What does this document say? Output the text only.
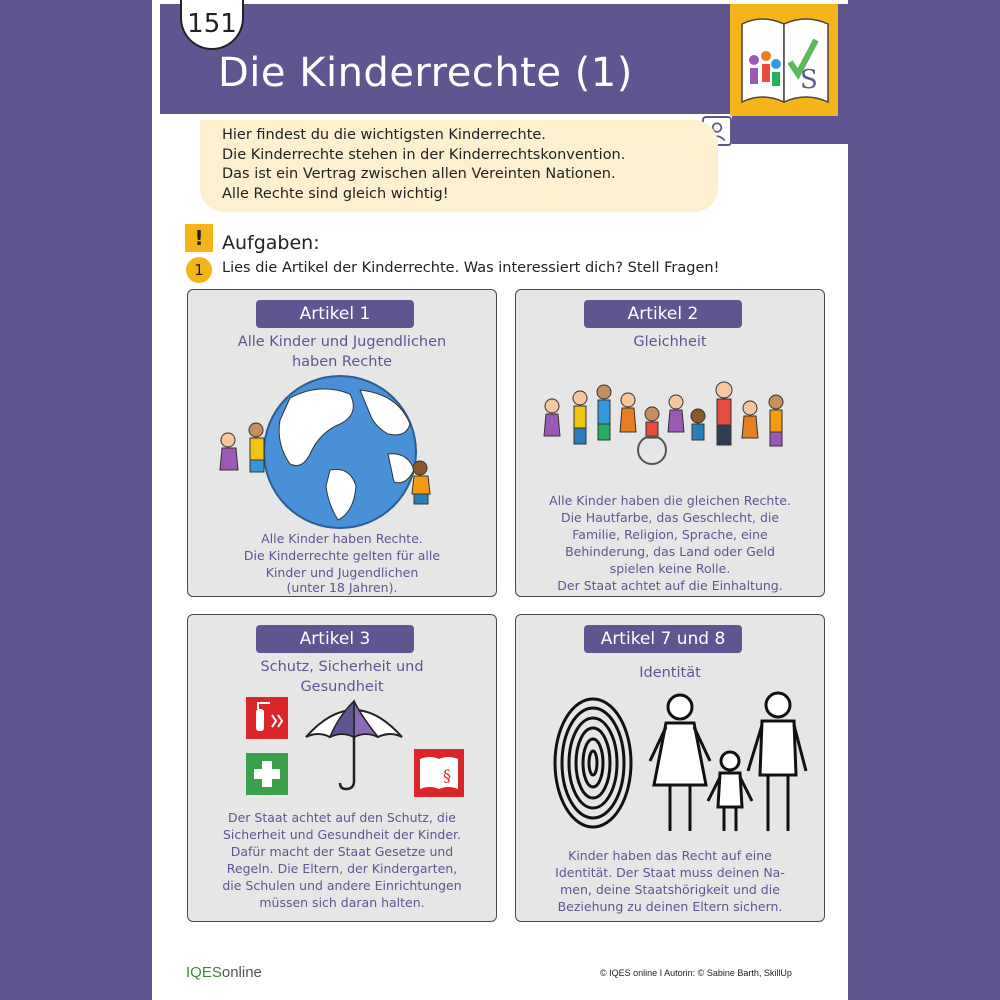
151
Die Kinderrechte (1)	S
Hier findest du die wichtigsten Kinderrechte.
Die Kinderrechte stehen in der Kinderrechtskonvention.
Das ist ein Vertrag zwischen allen Vereinten Nationen.
Alle Rechte sind gleich wichtig!
! Aufgaben:
1	Lies die Artikel der Kinderrechte. Was interessiert dich? Stell Fragen!
Artikel 1
Alle Kinder und Jugendlichen
haben Rechte
Alle Kinder haben Rechte.
Die Kinderrechte gelten für alle
Kinder und Jugendlichen
(unter 18 Jahren).
Artikel 2
Gleichheit
Alle Kinder haben die gleichen Rechte.
Die Hautfarbe, das Geschlecht, die
Familie, Religion, Sprache, eine
Behinderung, das Land oder Geld
spielen keine Rolle.
Der Staat achtet auf die Einhaltung.
Artikel 3
Schutz, Sicherheit und
Gesundheit
§
Der Staat achtet auf den Schutz, die
Sicherheit und Gesundheit der Kinder.
Dafür macht der Staat Gesetze und
Regeln. Die Eltern, der Kindergarten,
die Schulen und andere Einrichtungen
müssen sich daran halten.
Artikel 7 und 8
Identität
Kinder haben das Recht auf eine
Identität. Der Staat muss deinen Na-
men, deine Staatshörigkeit und die
Beziehung zu deinen Eltern sichern.
IQESonline	© IQES online I Autorin: © Sabine Barth, SkillUp
